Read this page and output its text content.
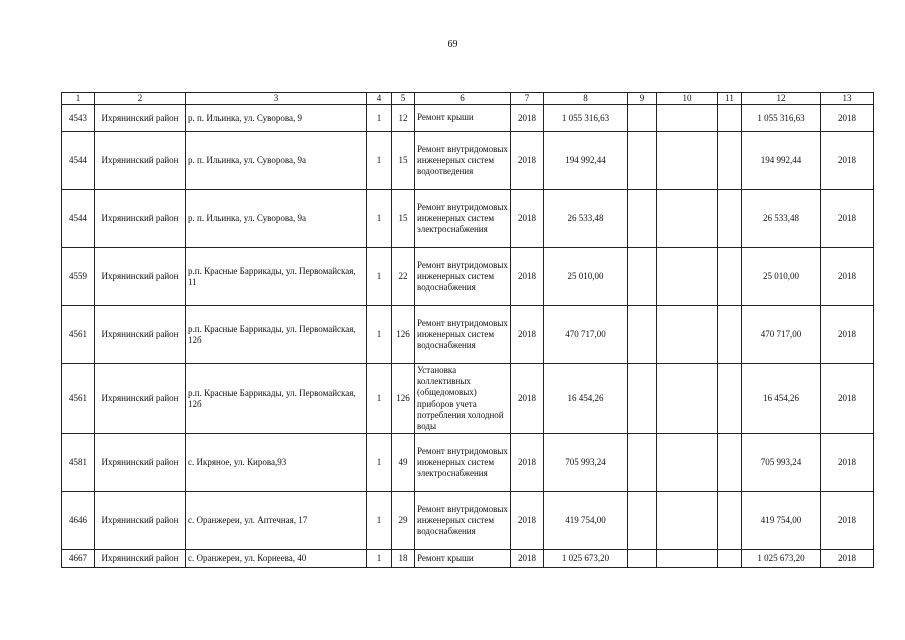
69
1	2	3	4	5	6	7	8	9	10	11	12	13
4543	Ихрянинский район	р. п. Ильинка, ул. Суворова, 9	1	12	Ремонт крыши	2018	1 055 316,63				1 055 316,63	2018
4544	Ихрянинский район	р. п. Ильинка, ул. Суворова, 9а	1	15	Ремонт внутридомовых инженерных систем водоотведения	2018	194 992,44				194 992,44	2018
4544	Ихрянинский район	р. п. Ильинка, ул. Суворова, 9а	1	15	Ремонт внутридомовых инженерных систем электроснабжения	2018	26 533,48				26 533,48	2018
4559	Ихрянинский район	р.п. Красные Баррикады, ул. Первомайская, 11	1	22	Ремонт внутридомовых инженерных систем водоснабжения	2018	25 010,00				25 010,00	2018
4561	Ихрянинский район	р.п. Красные Баррикады, ул. Первомайская, 12б	1	126	Ремонт внутридомовых инженерных систем водоснабжения	2018	470 717,00				470 717,00	2018
4561	Ихрянинский район	р.п. Красные Баррикады, ул. Первомайская, 12б	1	126	Установка коллективных (общедомовых) приборов учета потребления холодной воды	2018	16 454,26				16 454,26	2018
4581	Ихрянинский район	с. Икряное, ул. Кирова,93	1	49	Ремонт внутридомовых инженерных систем электроснабжения	2018	705 993,24				705 993,24	2018
4646	Ихрянинский район	с. Оранжереи, ул. Аптечная, 17	1	29	Ремонт внутридомовых инженерных систем водоснабжения	2018	419 754,00				419 754,00	2018
4667	Ихрянинский район	с. Оранжереи, ул. Корнеева, 40	1	18	Ремонт крыши	2018	1 025 673,20				1 025 673,20	2018
